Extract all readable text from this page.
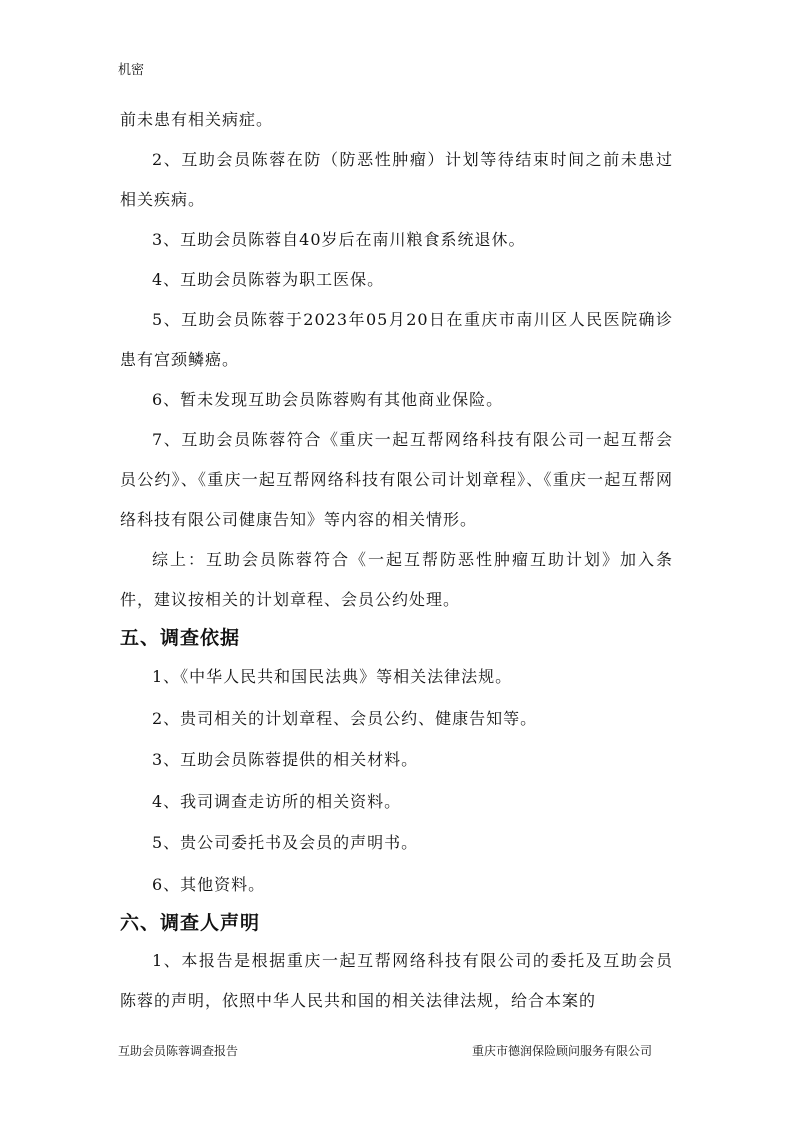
机密

前未患有相关病症。

2、互助会员陈蓉在防（防恶性肿瘤）计划等待结束时间之前未患过相关疾病。

3、互助会员陈蓉自40岁后在南川粮食系统退休。

4、互助会员陈蓉为职工医保。

5、互助会员陈蓉于2023年05月20日在重庆市南川区人民医院确诊患有宫颈鳞癌。

6、暂未发现互助会员陈蓉购有其他商业保险。

7、互助会员陈蓉符合《重庆一起互帮网络科技有限公司一起互帮会员公约》、《重庆一起互帮网络科技有限公司计划章程》、《重庆一起互帮网络科技有限公司健康告知》等内容的相关情形。

综上：互助会员陈蓉符合《一起互帮防恶性肿瘤互助计划》加入条件，建议按相关的计划章程、会员公约处理。

五、调查依据

1、《中华人民共和国民法典》等相关法律法规。

2、贵司相关的计划章程、会员公约、健康告知等。

3、互助会员陈蓉提供的相关材料。

4、我司调查走访所的相关资料。

5、贵公司委托书及会员的声明书。

6、其他资料。

六、调查人声明

1、本报告是根据重庆一起互帮网络科技有限公司的委托及互助会员陈蓉的声明，依照中华人民共和国的相关法律法规，给合本案的

互助会员陈蓉调查报告	重庆市德润保险顾问服务有限公司
